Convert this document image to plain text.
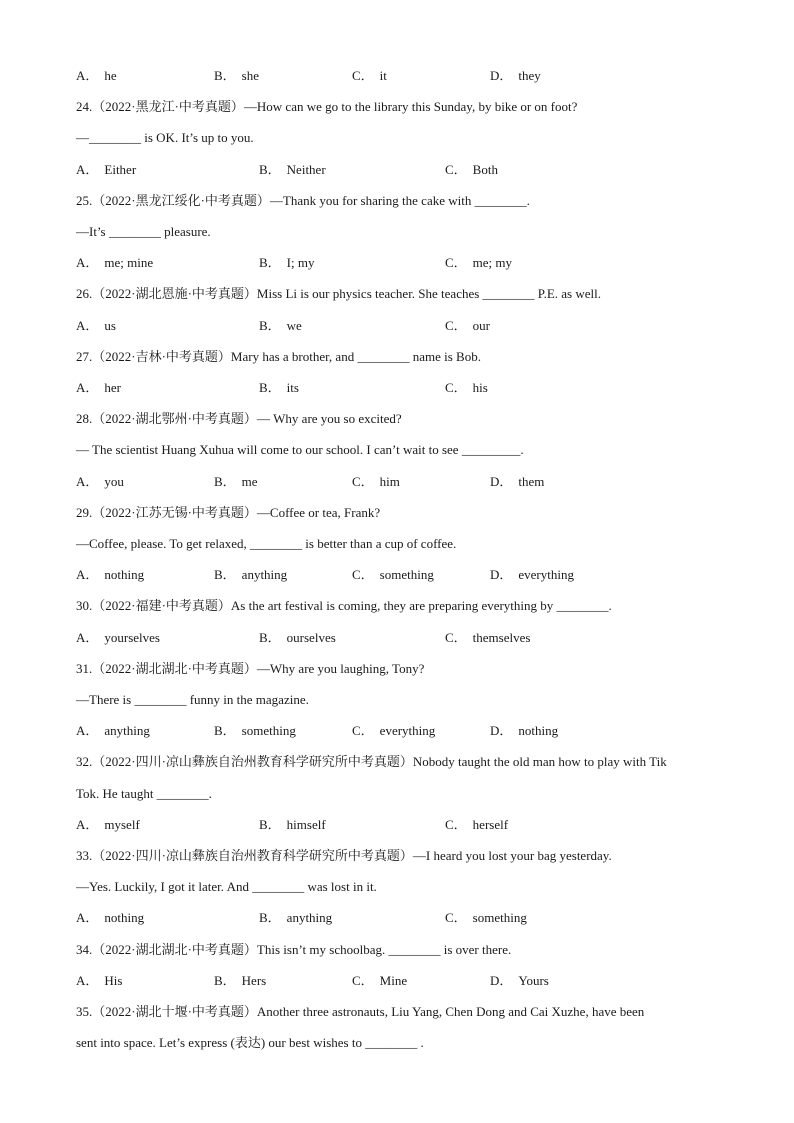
A． he	B． she	C． it	D． they
24.（2022·黑龙江·中考真题）—How can we go to the library this Sunday, by bike or on foot?
—________ is OK. It’s up to you.
A． Either	B． Neither	C． Both
25.（2022·黑龙江绥化·中考真题）—Thank you for sharing the cake with ________.
—It’s ________ pleasure.
A． me; mine	B． I; my	C． me; my
26.（2022·湖北恩施·中考真题）Miss Li is our physics teacher. She teaches ________ P.E. as well.
A． us	B． we	C． our
27.（2022·吉林·中考真题）Mary has a brother, and ________ name is Bob.
A． her	B． its	C． his
28.（2022·湖北鄂州·中考真题）— Why are you so excited?
— The scientist Huang Xuhua will come to our school. I can’t wait to see _________.
A． you	B． me	C． him	D． them
29.（2022·江苏无锡·中考真题）—Coffee or tea, Frank?
—Coffee, please. To get relaxed, ________ is better than a cup of coffee.
A． nothing	B． anything	C． something	D． everything
30.（2022·福建·中考真题）As the art festival is coming, they are preparing everything by ________.
A． yourselves	B． ourselves	C． themselves
31.（2022·湖北湖北·中考真题）—Why are you laughing, Tony?
—There is ________ funny in the magazine.
A． anything	B． something	C． everything	D． nothing
32.（2022·四川·凉山彝族自治州教育科学研究所中考真题）Nobody taught the old man how to play with Tik
Tok. He taught ________.
A． myself	B． himself	C． herself
33.（2022·四川·凉山彝族自治州教育科学研究所中考真题）—I heard you lost your bag yesterday.
—Yes. Luckily, I got it later. And ________ was lost in it.
A． nothing	B． anything	C． something
34.（2022·湖北湖北·中考真题）This isn’t my schoolbag. ________ is over there.
A． His	B． Hers	C． Mine	D． Yours
35.（2022·湖北十堰·中考真题）Another three astronauts, Liu Yang, Chen Dong and Cai Xuzhe, have been
sent into space. Let’s express (表达) our best wishes to ________ .
